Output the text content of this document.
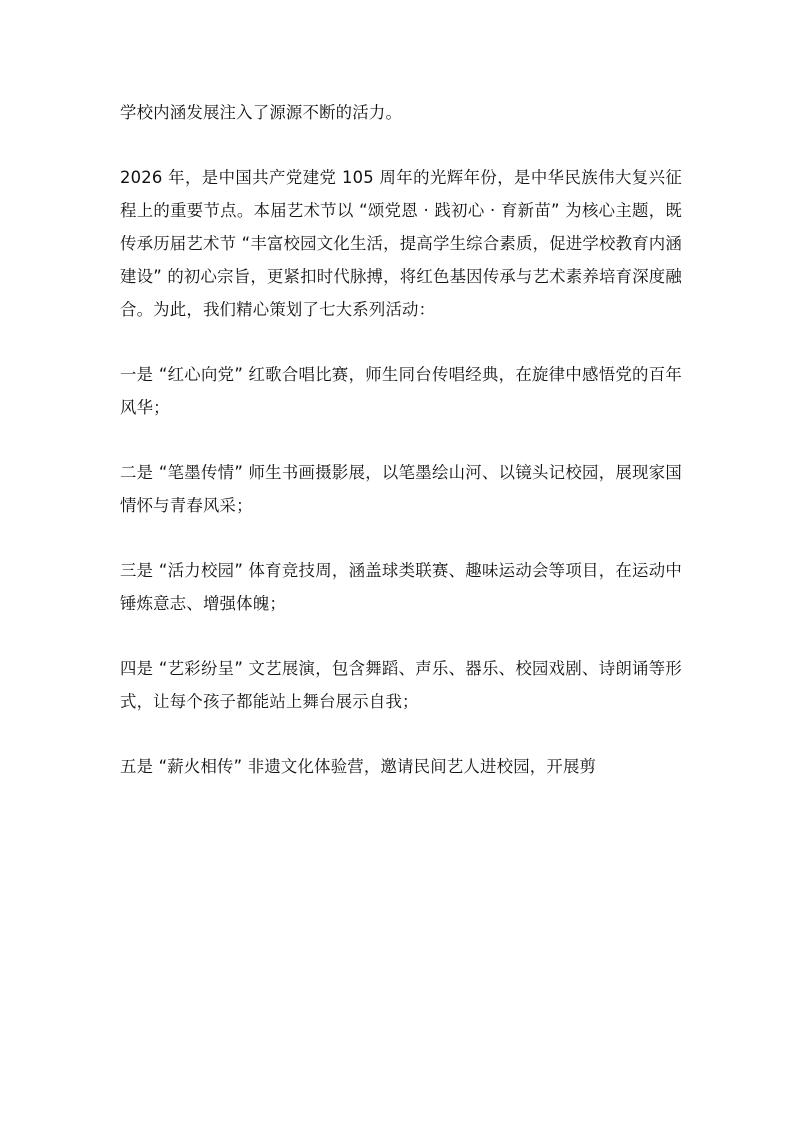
学校内涵发展注入了源源不断的活力。

2026 年，是中国共产党建党 105 周年的光辉年份，是中华民族伟大复兴征程上的重要节点。本届艺术节以 “颂党恩 · 践初心 · 育新苗” 为核心主题，既传承历届艺术节 “丰富校园文化生活，提高学生综合素质，促进学校教育内涵建设” 的初心宗旨，更紧扣时代脉搏，将红色基因传承与艺术素养培育深度融合。为此，我们精心策划了七大系列活动：

一是 “红心向党” 红歌合唱比赛，师生同台传唱经典，在旋律中感悟党的百年风华；

二是 “笔墨传情” 师生书画摄影展，以笔墨绘山河、以镜头记校园，展现家国情怀与青春风采；

三是 “活力校园” 体育竞技周，涵盖球类联赛、趣味运动会等项目，在运动中锤炼意志、增强体魄；

四是 “艺彩纷呈” 文艺展演，包含舞蹈、声乐、器乐、校园戏剧、诗朗诵等形式，让每个孩子都能站上舞台展示自我；

五是 “薪火相传” 非遗文化体验营，邀请民间艺人进校园，开展剪
